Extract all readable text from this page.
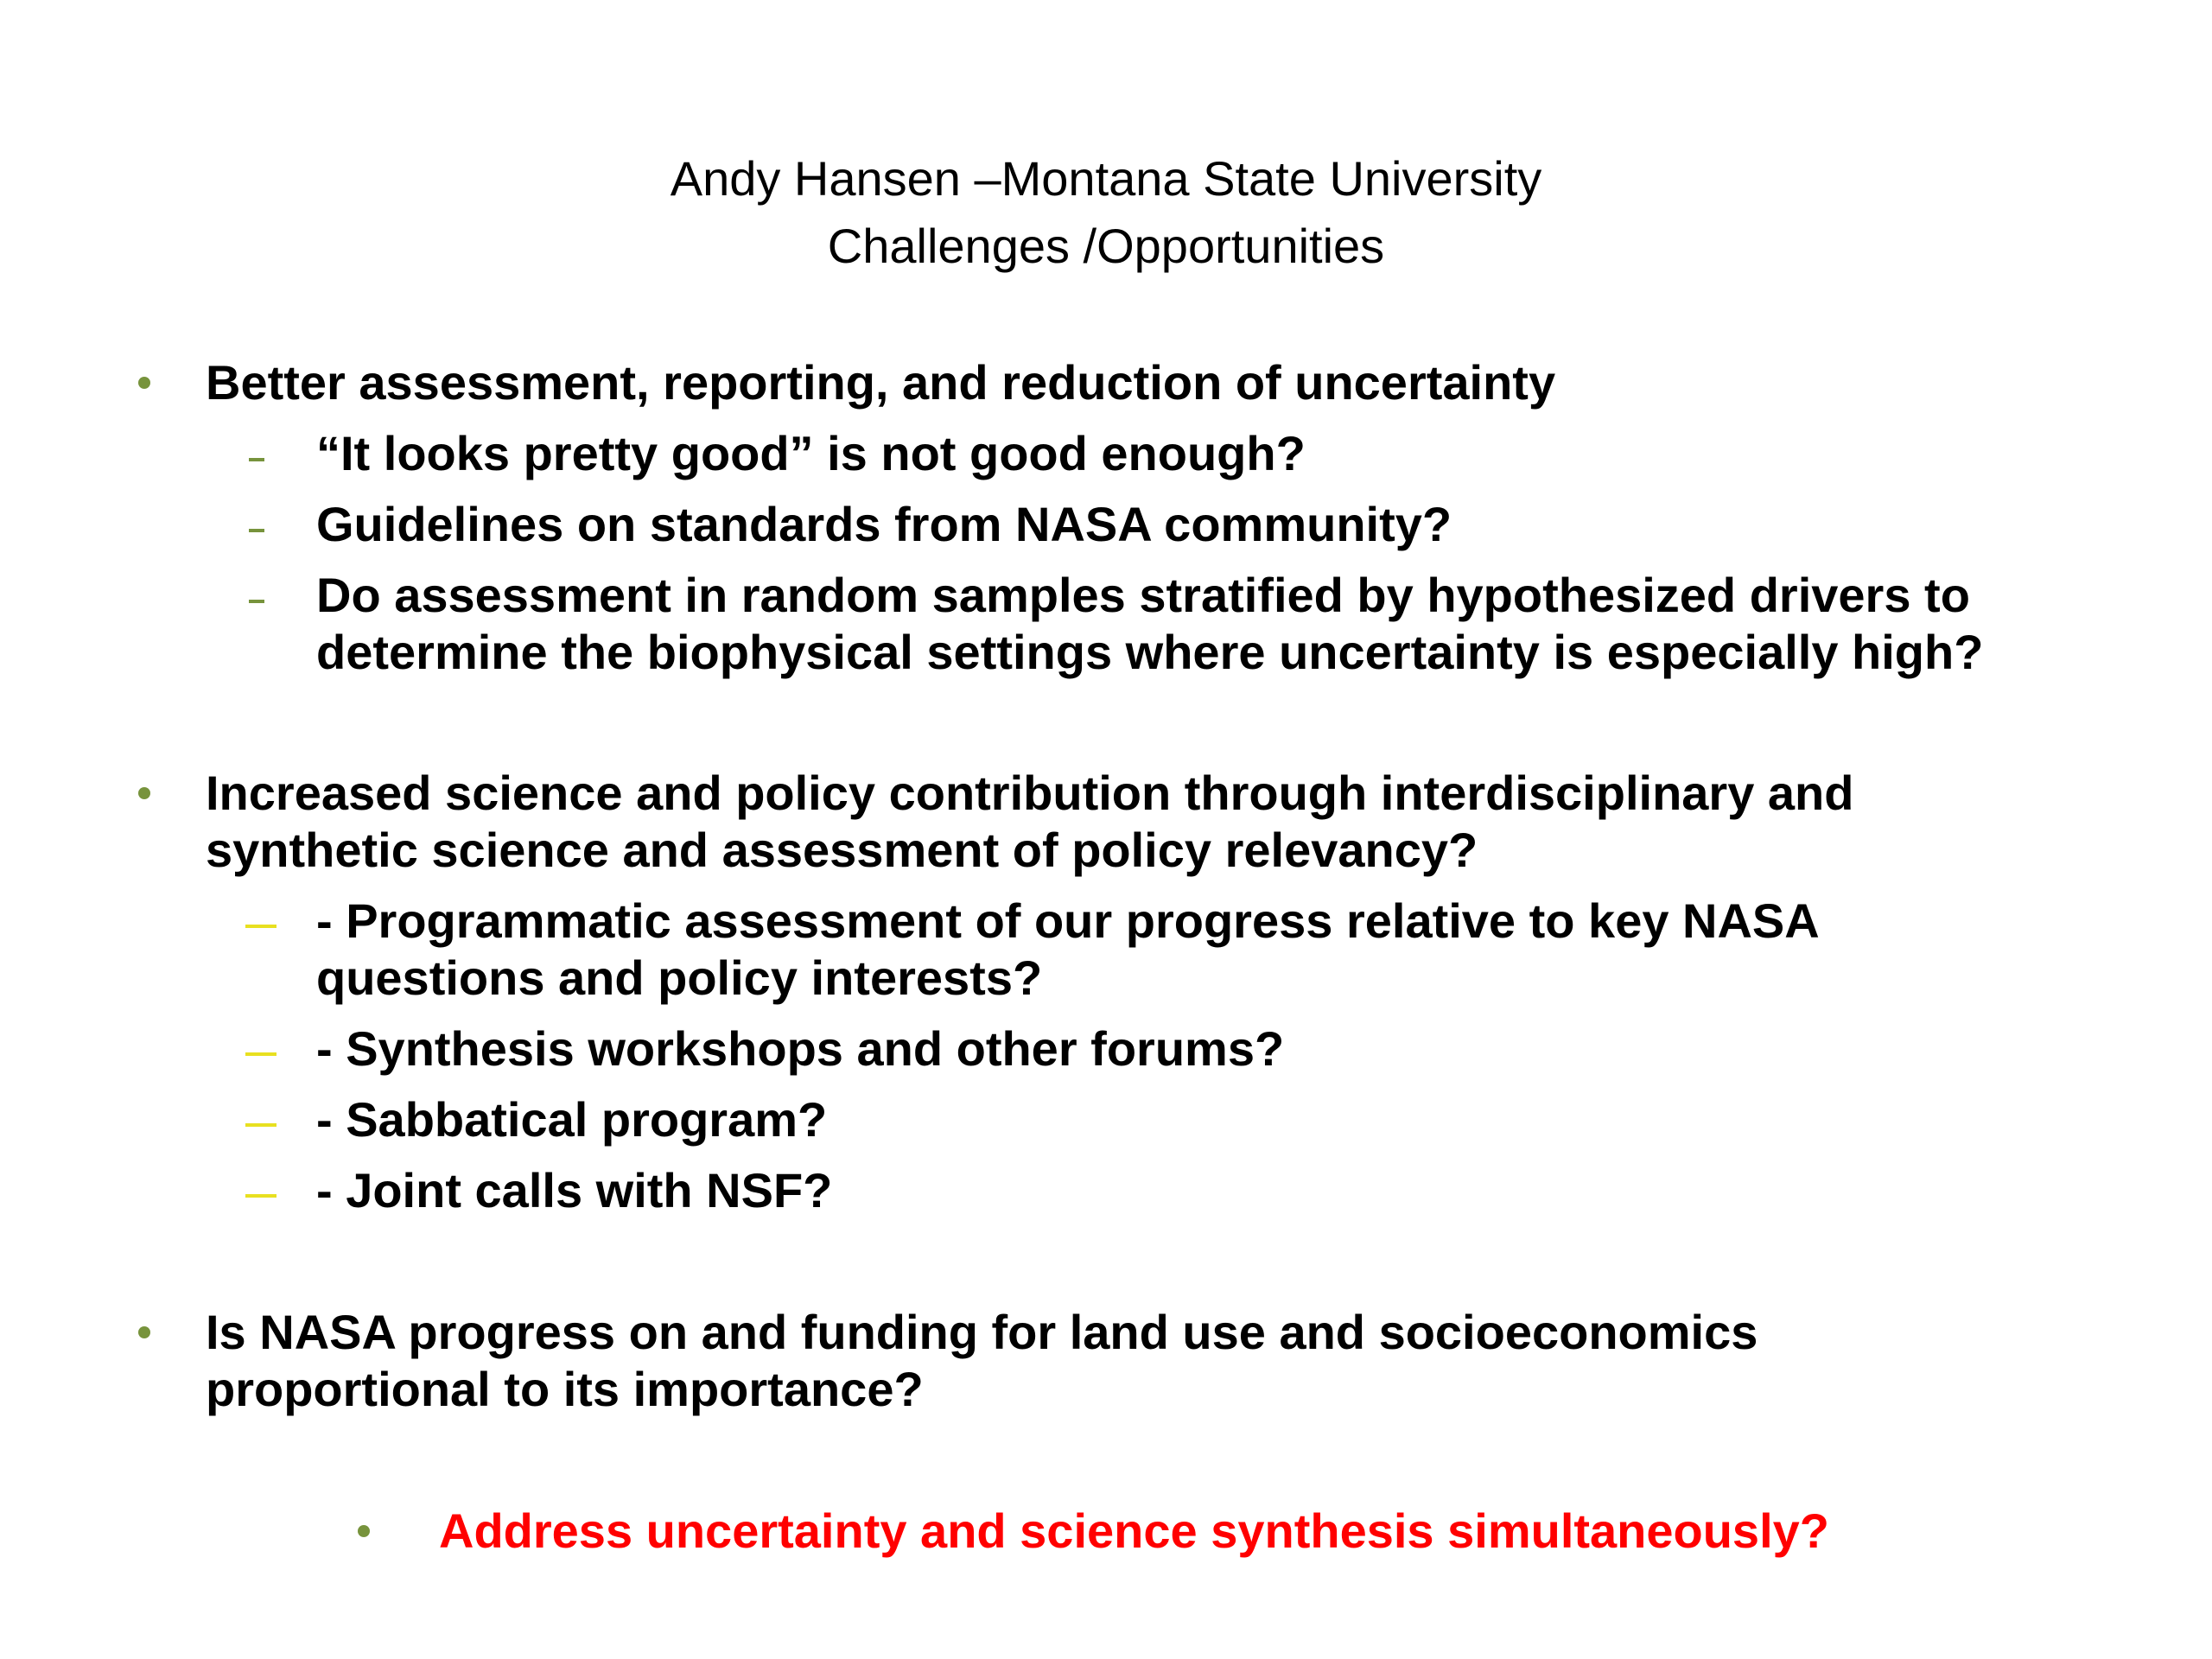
Andy Hansen –Montana State University
Challenges /Opportunities
Better assessment, reporting, and reduction of uncertainty
“It looks pretty good” is not good enough?
Guidelines on standards from NASA community?
Do assessment in random samples stratified by hypothesized drivers to
determine the biophysical settings where uncertainty is especially high?
Increased science and policy contribution through interdisciplinary and
synthetic science and assessment of policy relevancy?
- Programmatic assessment of our progress relative to key NASA
questions and policy interests?
- Synthesis workshops and other forums?
- Sabbatical program?
- Joint calls with NSF?
Is NASA progress on and funding for land use and socioeconomics
proportional to its importance?
Address uncertainty and science synthesis simultaneously?
